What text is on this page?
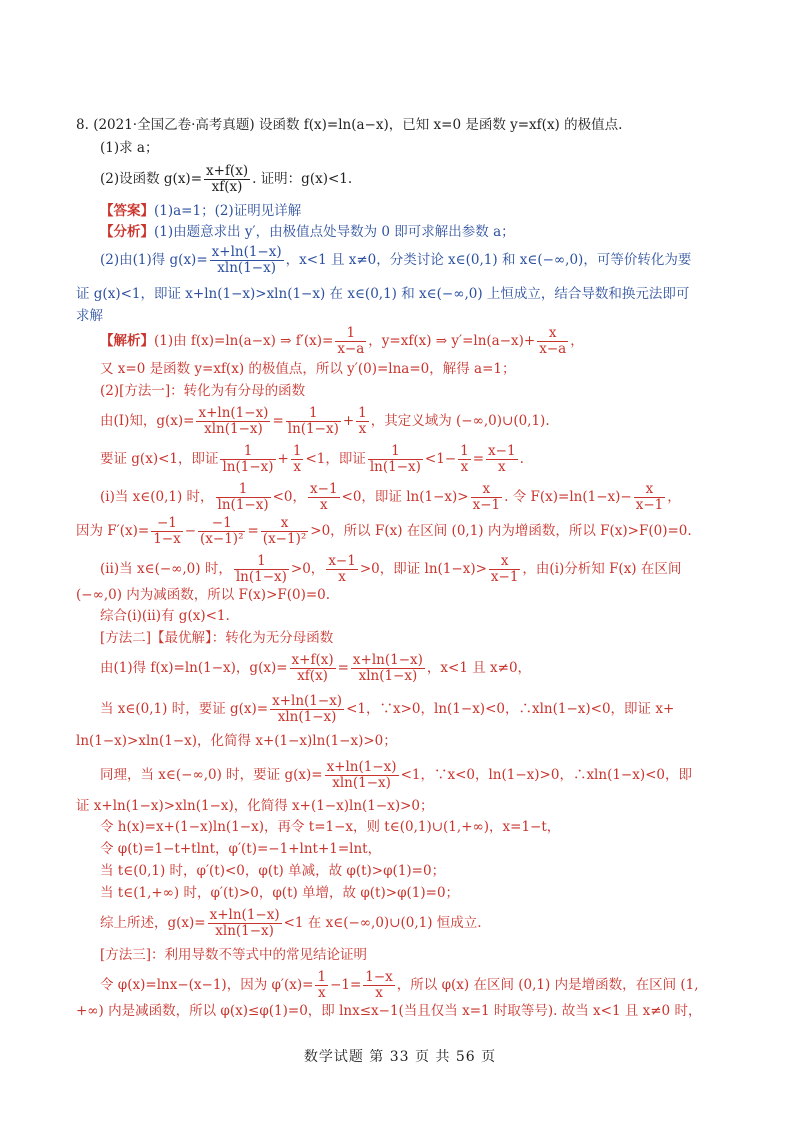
8. (2021·全国乙卷·高考真题) 设函数 f(x)=ln(a−x)，已知 x=0 是函数 y=xf(x) 的极值点.
(1)求 a；
(2)设函数 $g(x)= \frac{x+f(x)}{xf(x)}$ . 证明：g(x)<1.
【答案】(1)a=1；(2)证明见详解
【分析】(1)由题意求出 y′，由极值点处导数为 0 即可求解出参数 a；
(2)由(1)得 $g(x)= \frac{x+\ln(1-x)}{xln(1-x)}$ ，x<1 且 x≠0，分类讨论 x∈(0,1) 和 x∈(−∞,0)，可等价转化为要
证 g(x)<1，即证 x+ln(1−x)>xln(1−x) 在 x∈(0,1) 和 x∈(−∞,0) 上恒成立，结合导数和换元法即可
求解
【解析】(1)由 f(x)=ln(a−x) ⇒ $f'(x)= \frac{1}{x-a}$ ，y=xf(x) ⇒ $y'=\ln(a-x)+ \frac{x}{x-a}$ ，
又 x=0 是函数 y=xf(x) 的极值点，所以 y′(0)=lna=0，解得 a=1；
(2)[方法一]：转化为有分母的函数
由(Ⅰ)知，$g(x)= \frac{x+\ln(1-x)}{xln(1-x)} = \frac{1}{\ln(1-x)} + \frac{1}{x}$ ，其定义域为 (−∞,0)∪(0,1).
要证 g(x)<1，即证 $\frac{1}{\ln(1-x)} + \frac{1}{x} <1$，即证 $\frac{1}{\ln(1-x)} <1- \frac{1}{x} = \frac{x-1}{x}$ .
(ⅰ)当 x∈(0,1) 时， $\frac{1}{\ln(1-x)} <0$， $\frac{x-1}{x} <0$，即证 $\ln(1-x)> \frac{x}{x-1}$ . 令 $F(x)=\ln(1-x)- \frac{x}{x-1}$ ，
因为 $F'(x)= \frac{-1}{1-x} - \frac{-1}{\text{(x−1)²}} = \frac{x}{\text{(x−1)²}} >0$，所以 F(x) 在区间 (0,1) 内为增函数，所以 F(x)>F(0)=0.
(ⅱ)当 x∈(−∞,0) 时， $\frac{1}{\ln(1-x)} >0$， $\frac{x-1}{x} >0$，即证 $\ln(1-x)> \frac{x}{x-1}$ ，由(ⅰ)分析知 F(x) 在区间
(−∞,0) 内为减函数，所以 F(x)>F(0)=0.
综合(ⅰ)(ⅱ)有 g(x)<1.
[方法二]【最优解】：转化为无分母函数
由(1)得 f(x)=ln(1−x)，$g(x)= \frac{x+f(x)}{xf(x)} = \frac{x+\ln(1-x)}{xln(1-x)}$ ，x<1 且 x≠0，
当 x∈(0,1) 时，要证 $g(x)= \frac{x+\ln(1-x)}{xln(1-x)} <1$，∵x>0，ln(1−x)<0，∴xln(1−x)<0，即证 x+
ln(1−x)>xln(1−x)，化简得 x+(1−x)ln(1−x)>0；
同理，当 x∈(−∞,0) 时，要证 $g(x)= \frac{x+\ln(1-x)}{xln(1-x)} <1$，∵x<0，ln(1−x)>0，∴xln(1−x)<0，即
证 x+ln(1−x)>xln(1−x)，化简得 x+(1−x)ln(1−x)>0；
令 h(x)=x+(1−x)ln(1−x)，再令 t=1−x，则 t∈(0,1)∪(1,+∞)，x=1−t，
令 φ(t)=1−t+tlnt，φ′(t)=−1+lnt+1=lnt，
当 t∈(0,1) 时，φ′(t)<0，φ(t) 单减，故 φ(t)>φ(1)=0；
当 t∈(1,+∞) 时，φ′(t)>0，φ(t) 单增，故 φ(t)>φ(1)=0；
综上所述，$g(x)= \frac{x+\ln(1-x)}{xln(1-x)} <1$ 在 x∈(−∞,0)∪(0,1) 恒成立.
[方法三]：利用导数不等式中的常见结论证明
令 φ(x)=lnx−(x−1)，因为 $\varphi'(x)= \frac{1}{x} -1= \frac{1-x}{x}$ ，所以 φ(x) 在区间 (0,1) 内是增函数，在区间 (1,
+∞) 内是减函数，所以 φ(x)≤φ(1)=0，即 lnx≤x−1(当且仅当 x=1 时取等号). 故当 x<1 且 x≠0 时，
数学试题 第 33 页 共 56 页
